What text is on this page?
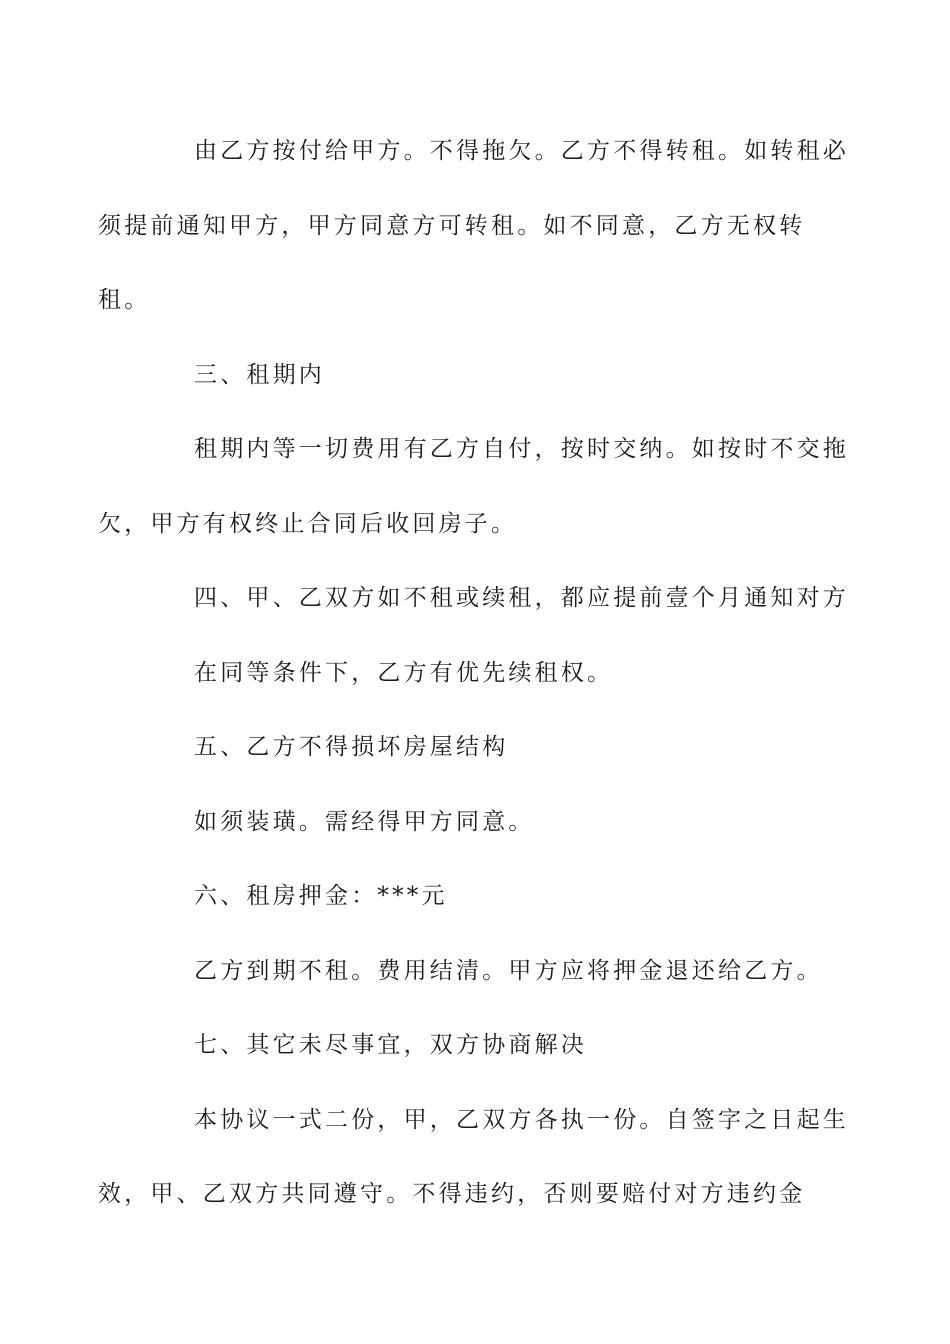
由乙方按付给甲方。不得拖欠。乙方不得转租。如转租必
须提前通知甲方，甲方同意方可转租。如不同意，乙方无权转
租。
三、租期内
租期内等一切费用有乙方自付，按时交纳。如按时不交拖
欠，甲方有权终止合同后收回房子。
四、甲、乙双方如不租或续租，都应提前壹个月通知对方
在同等条件下，乙方有优先续租权。
五、乙方不得损坏房屋结构
如须装璜。需经得甲方同意。
六、租房押金：***元
乙方到期不租。费用结清。甲方应将押金退还给乙方。
七、其它未尽事宜，双方协商解决
本协议一式二份，甲，乙双方各执一份。自签字之日起生
效，甲、乙双方共同遵守。不得违约，否则要赔付对方违约金
